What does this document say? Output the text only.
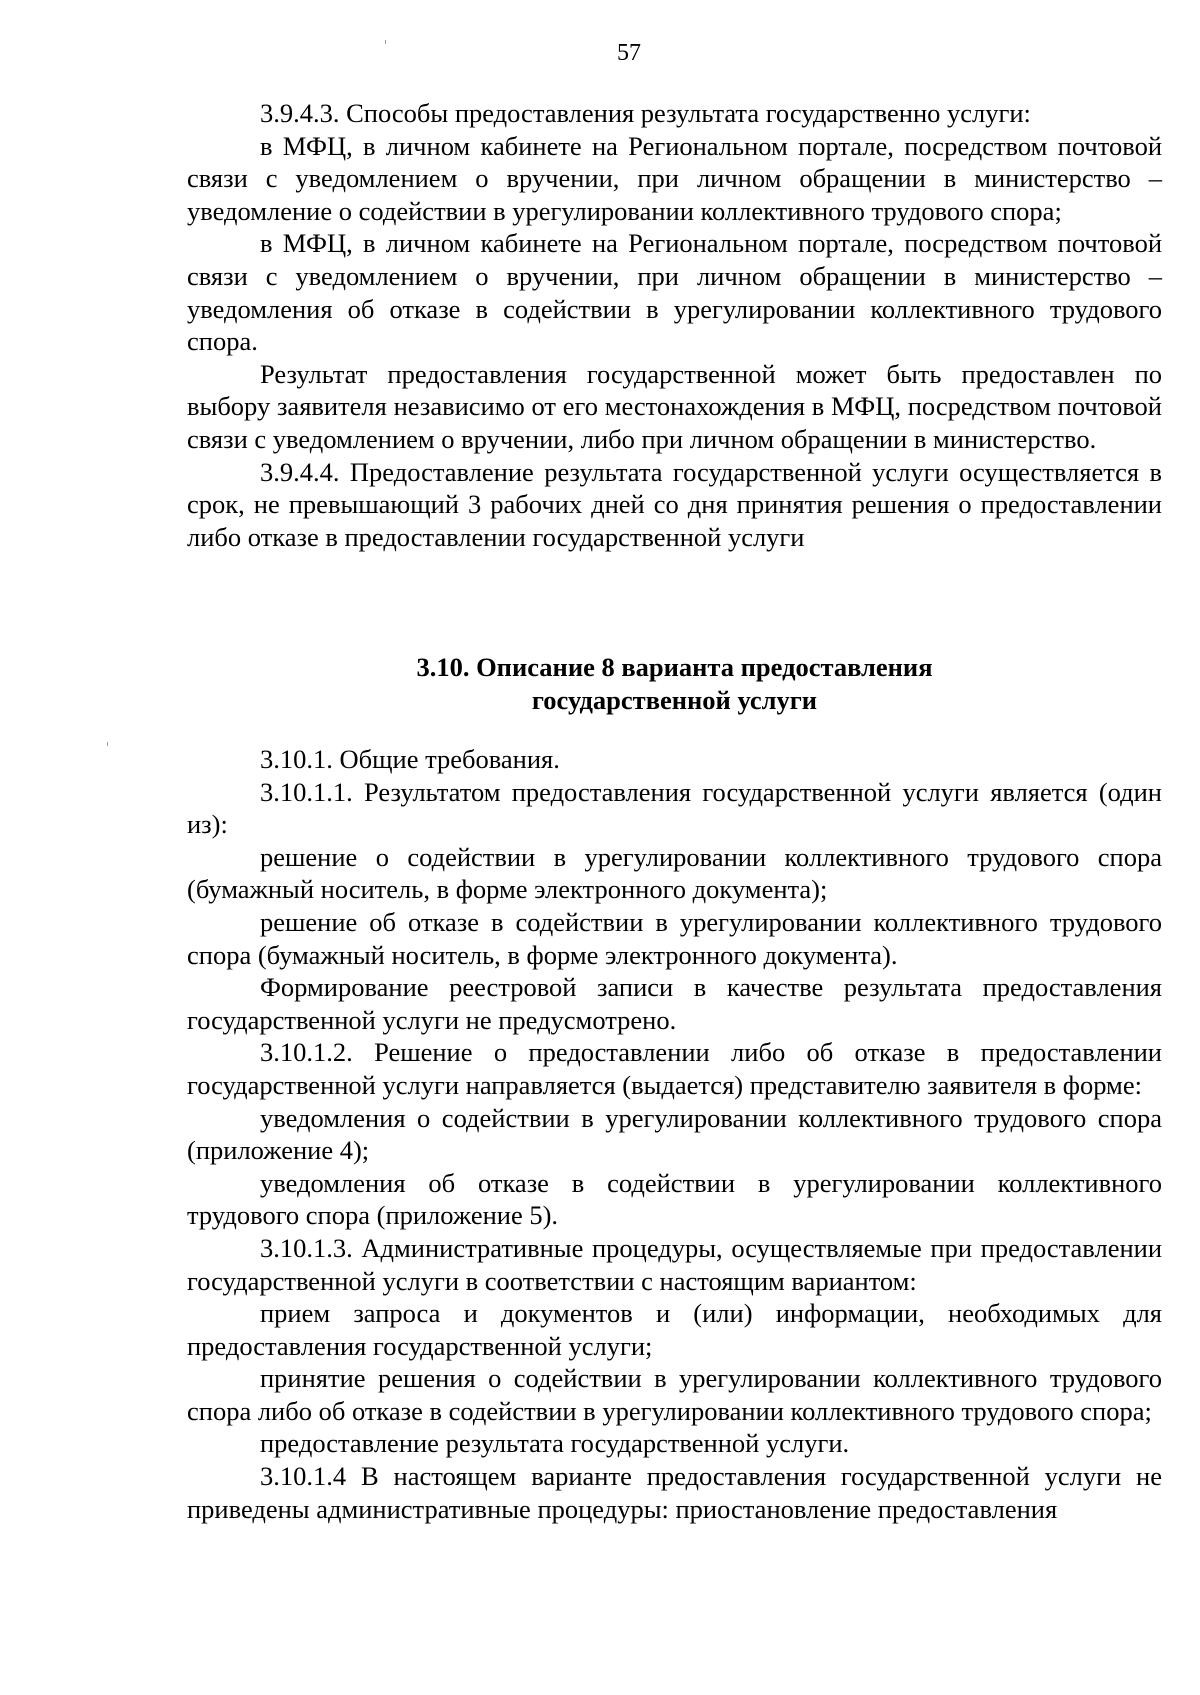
57

3.9.4.3. Способы предоставления результата государственно услуги:

в МФЦ, в личном кабинете на Региональном портале, посредством почтовой связи с уведомлением о вручении, при личном обращении в министерство – уведомление о содействии в урегулировании коллективного трудового спора;

в МФЦ, в личном кабинете на Региональном портале, посредством почтовой связи с уведомлением о вручении, при личном обращении в министерство – уведомления об отказе в содействии в урегулировании коллективного трудового спора.

Результат предоставления государственной может быть предоставлен по выбору заявителя независимо от его местонахождения в МФЦ, посредством почтовой связи с уведомлением о вручении, либо при личном обращении в министерство.

3.9.4.4. Предоставление результата государственной услуги осуществляется в срок, не превышающий 3 рабочих дней со дня принятия решения о предоставлении либо отказе в предоставлении государственной услуги

3.10. Описание 8 варианта предоставления
государственной услуги

3.10.1. Общие требования.

3.10.1.1. Результатом предоставления государственной услуги является (один из):

решение о содействии в урегулировании коллективного трудового спора (бумажный носитель, в форме электронного документа);

решение об отказе в содействии в урегулировании коллективного трудового спора (бумажный носитель, в форме электронного документа).

Формирование реестровой записи в качестве результата предоставления государственной услуги не предусмотрено.

3.10.1.2. Решение о предоставлении либо об отказе в предоставлении государственной услуги направляется (выдается) представителю заявителя в форме:

уведомления о содействии в урегулировании коллективного трудового спора (приложение 4);

уведомления об отказе в содействии в урегулировании коллективного трудового спора (приложение 5).

3.10.1.3. Административные процедуры, осуществляемые при предоставлении государственной услуги в соответствии с настоящим вариантом:

прием запроса и документов и (или) информации, необходимых для предоставления государственной услуги;

принятие решения о содействии в урегулировании коллективного трудового спора либо об отказе в содействии в урегулировании коллективного трудового спора;

предоставление результата государственной услуги.

3.10.1.4 В настоящем варианте предоставления государственной услуги не приведены административные процедуры: приостановление предоставления
